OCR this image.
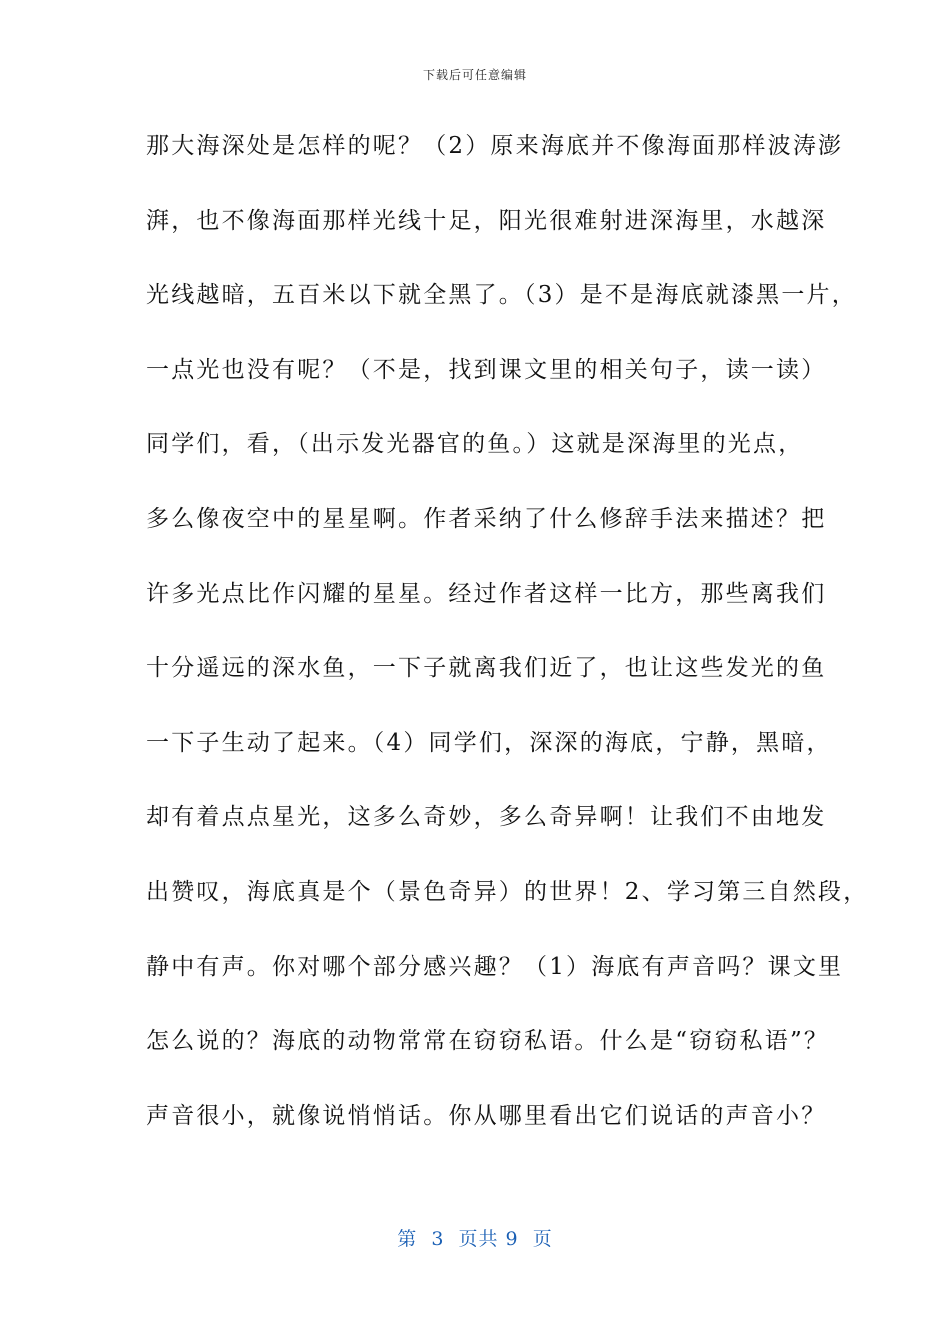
下载后可任意编辑
那大海深处是怎样的呢？（2）原来海底并不像海面那样波涛澎
湃，也不像海面那样光线十足，阳光很难射进深海里，水越深
光线越暗，五百米以下就全黑了。（3）是不是海底就漆黑一片，
一点光也没有呢？（不是，找到课文里的相关句子，读一读）
同学们，看，（出示发光器官的鱼。）这就是深海里的光点，
多么像夜空中的星星啊。作者采纳了什么修辞手法来描述？把
许多光点比作闪耀的星星。经过作者这样一比方，那些离我们
十分遥远的深水鱼，一下子就离我们近了，也让这些发光的鱼
一下子生动了起来。（4）同学们，深深的海底，宁静，黑暗，
却有着点点星光，这多么奇妙，多么奇异啊！让我们不由地发
出赞叹，海底真是个（景色奇异）的世界！2、学习第三自然段，
静中有声。你对哪个部分感兴趣？（1）海底有声音吗？课文里
怎么说的？海底的动物常常在窃窃私语。什么是“窃窃私语”？
声音很小，就像说悄悄话。你从哪里看出它们说话的声音小？
第  3  页共 9  页
